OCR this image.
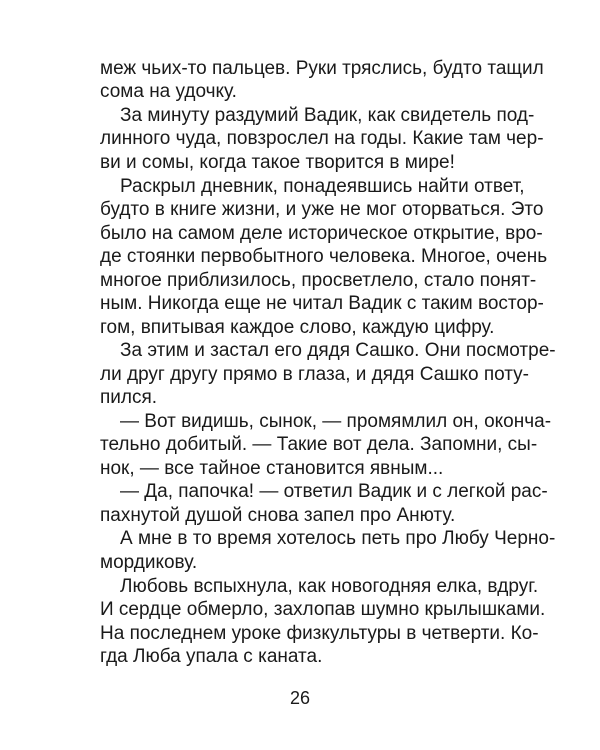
меж чьих-то пальцев. Руки тряслись, будто тащил
сома на удочку.
За минуту раздумий Вадик, как свидетель под-
линного чуда, повзрослел на годы. Какие там чер-
ви и сомы, когда такое творится в мире!
Раскрыл дневник, понадеявшись найти ответ,
будто в книге жизни, и уже не мог оторваться. Это
было на самом деле историческое открытие, вро-
де стоянки первобытного человека. Многое, очень
многое приблизилось, просветлело, стало понят-
ным. Никогда еще не читал Вадик с таким востор-
гом, впитывая каждое слово, каждую цифру.
За этим и застал его дядя Сашко. Они посмотре-
ли друг другу прямо в глаза, и дядя Сашко поту-
пился.
— Вот видишь, сынок, — промямлил он, оконча-
тельно добитый. — Такие вот дела. Запомни, сы-
нок, — все тайное становится явным...
— Да, папочка! — ответил Вадик и с легкой рас-
пахнутой душой снова запел про Анюту.
А мне в то время хотелось петь про Любу Черно-
мордикову.
Любовь вспыхнула, как новогодняя елка, вдруг.
И сердце обмерло, захлопав шумно крылышками.
На последнем уроке физкультуры в четверти. Ко-
гда Люба упала с каната.
26
